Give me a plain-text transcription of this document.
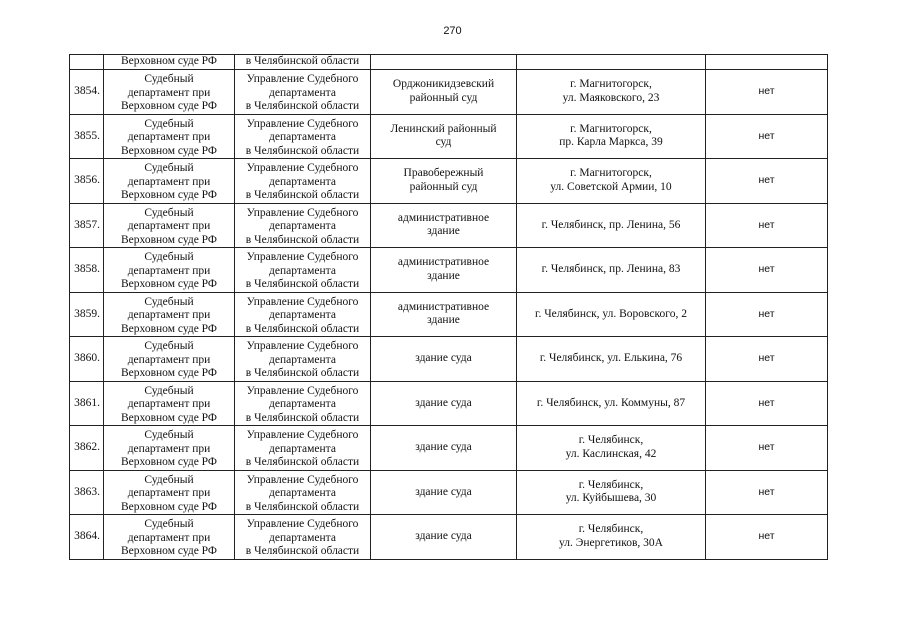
270
	Верховном суде РФ	в Челябинской области			
3854.	Судебный
департамент при
Верховном суде РФ	Управление Судебного
департамента
в Челябинской области	Орджоникидзевский
районный суд	г. Магнитогорск,
ул. Маяковского, 23	нет
3855.	Судебный
департамент при
Верховном суде РФ	Управление Судебного
департамента
в Челябинской области	Ленинский районный
суд	г. Магнитогорск,
пр. Карла Маркса, 39	нет
3856.	Судебный
департамент при
Верховном суде РФ	Управление Судебного
департамента
в Челябинской области	Правобережный
районный суд	г. Магнитогорск,
ул. Советской Армии, 10	нет
3857.	Судебный
департамент при
Верховном суде РФ	Управление Судебного
департамента
в Челябинской области	административное
здание	г. Челябинск, пр. Ленина, 56	нет
3858.	Судебный
департамент при
Верховном суде РФ	Управление Судебного
департамента
в Челябинской области	административное
здание	г. Челябинск, пр. Ленина, 83	нет
3859.	Судебный
департамент при
Верховном суде РФ	Управление Судебного
департамента
в Челябинской области	административное
здание	г. Челябинск, ул. Воровского, 2	нет
3860.	Судебный
департамент при
Верховном суде РФ	Управление Судебного
департамента
в Челябинской области	здание суда	г. Челябинск, ул. Елькина, 76	нет
3861.	Судебный
департамент при
Верховном суде РФ	Управление Судебного
департамента
в Челябинской области	здание суда	г. Челябинск, ул. Коммуны, 87	нет
3862.	Судебный
департамент при
Верховном суде РФ	Управление Судебного
департамента
в Челябинской области	здание суда	г. Челябинск,
ул. Каслинская, 42	нет
3863.	Судебный
департамент при
Верховном суде РФ	Управление Судебного
департамента
в Челябинской области	здание суда	г. Челябинск,
ул. Куйбышева, 30	нет
3864.	Судебный
департамент при
Верховном суде РФ	Управление Судебного
департамента
в Челябинской области	здание суда	г. Челябинск,
ул. Энергетиков, 30А	нет
